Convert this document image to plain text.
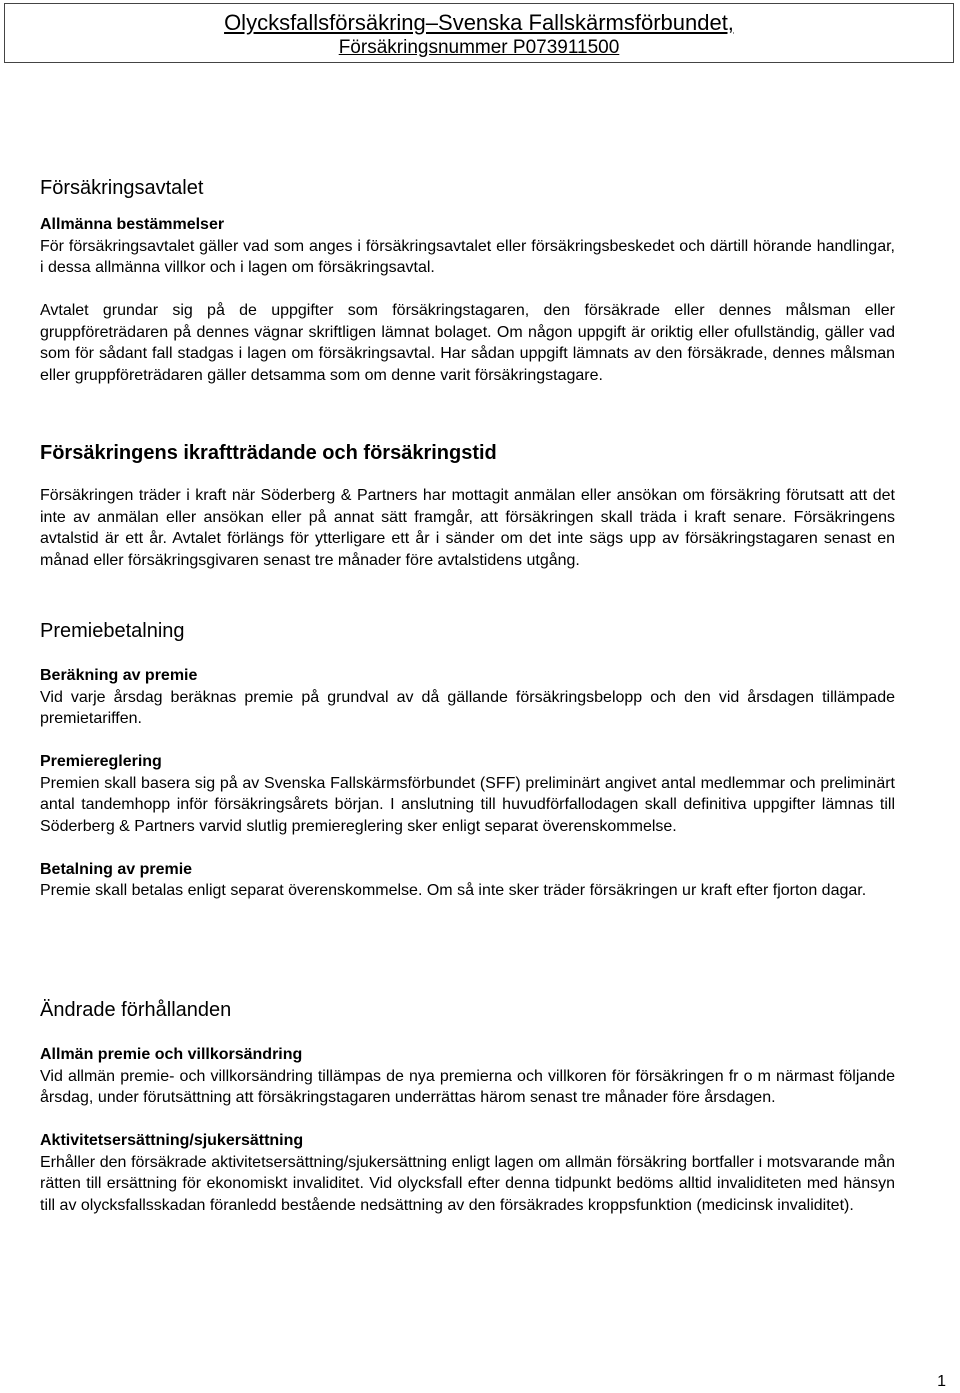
Olycksfallsförsäkring–Svenska Fallskärmsförbundet,
Försäkringsnummer P073911500
Försäkringsavtalet
Allmänna bestämmelser

För försäkringsavtalet gäller vad som anges i försäkringsavtalet eller försäkringsbeskedet och därtill hörande handlingar, i dessa allmänna villkor och i lagen om försäkringsavtal.

Avtalet grundar sig på de uppgifter som försäkringstagaren, den försäkrade eller dennes målsman eller gruppföreträdaren på dennes vägnar skriftligen lämnat bolaget. Om någon uppgift är oriktig eller ofullständig, gäller vad som för sådant fall stadgas i lagen om försäkringsavtal. Har sådan uppgift lämnats av den försäkrade, dennes målsman eller gruppföreträdaren gäller detsamma som om denne varit försäkringstagare.

Försäkringens ikraftträdande och försäkringstid

Försäkringen träder i kraft när Söderberg & Partners har mottagit anmälan eller ansökan om försäkring förutsatt att det inte av anmälan eller ansökan eller på annat sätt framgår, att försäkringen skall träda i kraft senare. Försäkringens avtalstid är ett år. Avtalet förlängs för ytterligare ett år i sänder om det inte sägs upp av försäkringstagaren senast en månad eller försäkringsgivaren senast tre månader före avtalstidens utgång.

Premiebetalning
Beräkning av premie

Vid varje årsdag beräknas premie på grundval av då gällande försäkringsbelopp och den vid årsdagen tillämpade premietariffen.

Premiereglering

Premien skall basera sig på av Svenska Fallskärmsförbundet (SFF) preliminärt angivet antal medlemmar och preliminärt antal tandemhopp inför försäkringsårets början. I anslutning till huvudförfallodagen skall definitiva uppgifter lämnas till Söderberg & Partners varvid slutlig premiereglering sker enligt separat överenskommelse.

Betalning av premie

Premie skall betalas enligt separat överenskommelse. Om så inte sker träder försäkringen ur kraft efter fjorton dagar.

Ändrade förhållanden
Allmän premie och villkorsändring

Vid allmän premie- och villkorsändring tillämpas de nya premierna och villkoren för försäkringen fr o m närmast följande årsdag, under förutsättning att försäkringstagaren underrättas härom senast tre månader före årsdagen.

Aktivitetsersättning/sjukersättning

Erhåller den försäkrade aktivitetsersättning/sjukersättning enligt lagen om allmän försäkring bortfaller i motsvarande mån rätten till ersättning för ekonomiskt invaliditet. Vid olycksfall efter denna tidpunkt bedöms alltid invaliditeten med hänsyn till av olycksfallsskadan föranledd bestående nedsättning av den försäkrades kroppsfunktion (medicinsk invaliditet).

1
